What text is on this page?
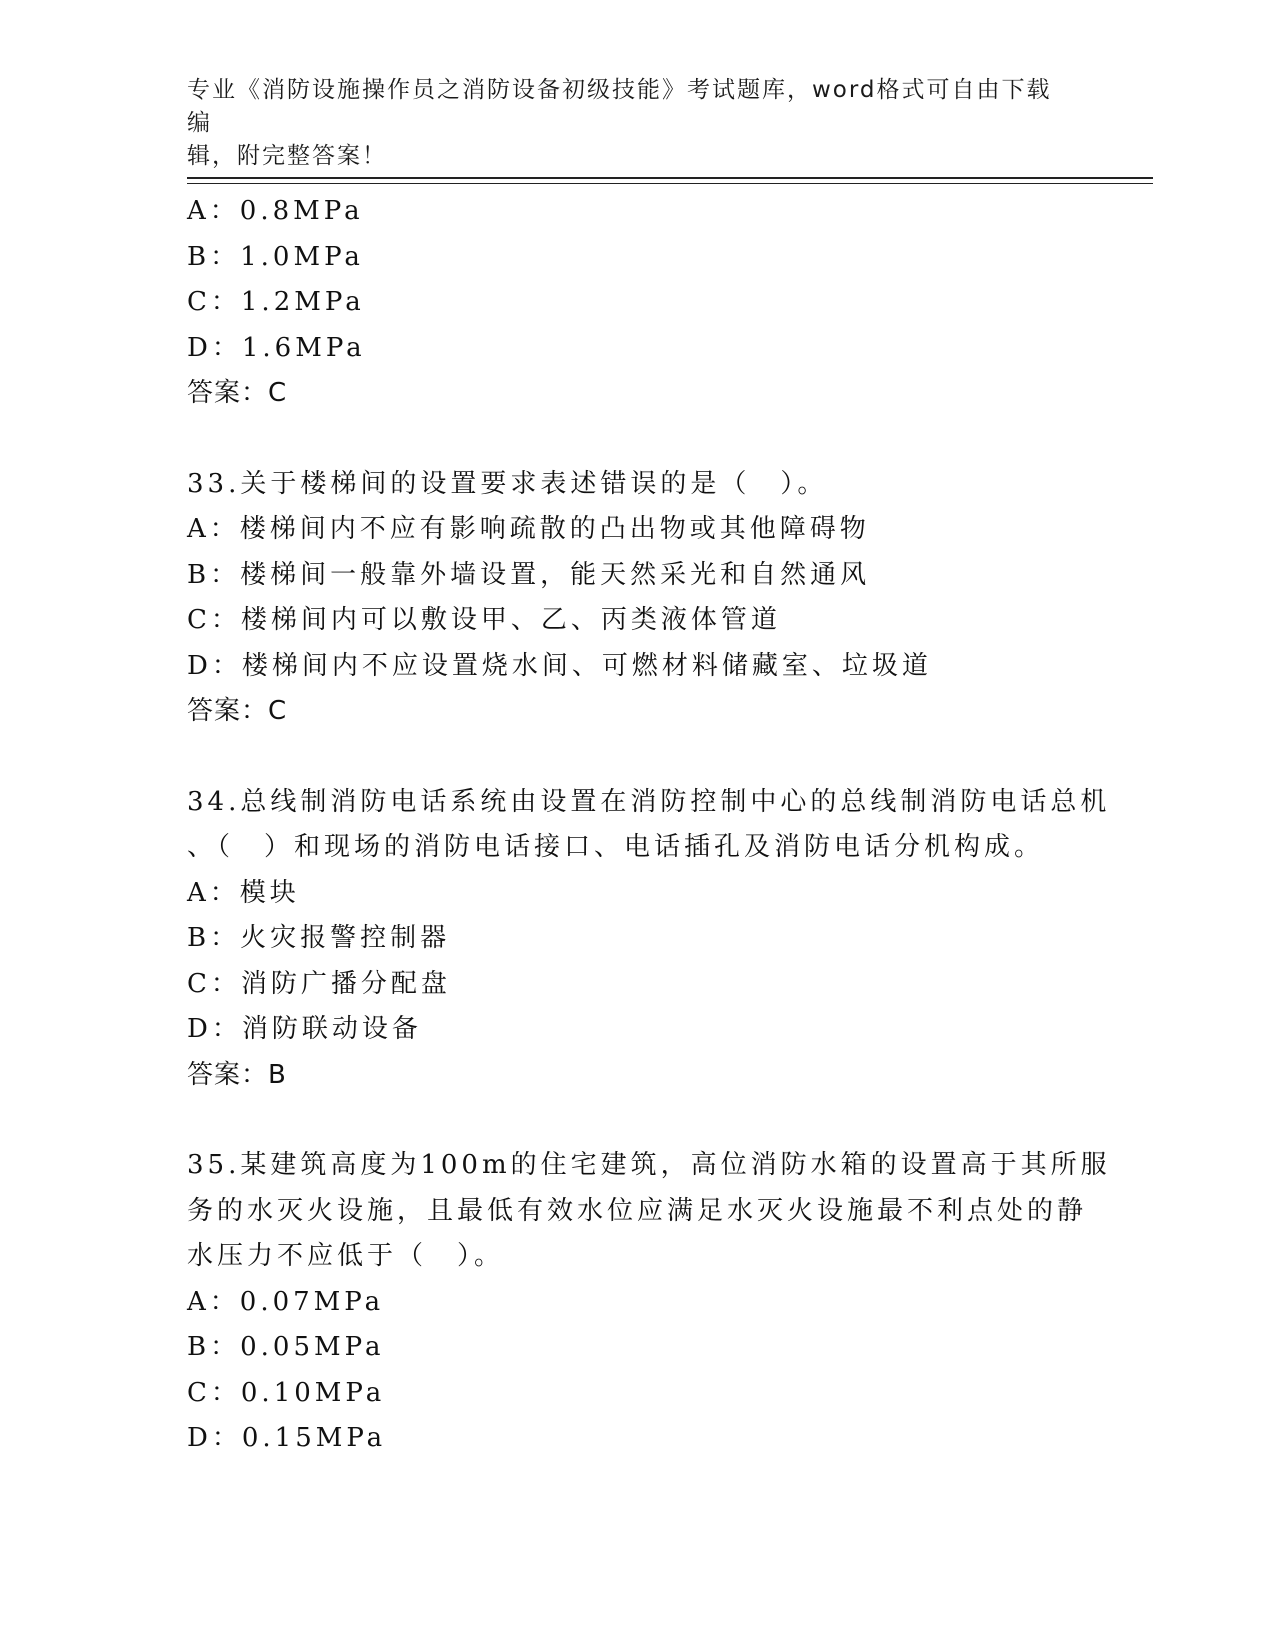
专业《消防设施操作员之消防设备初级技能》考试题库，word格式可自由下载编
辑，附完整答案！
A：0.8MPa
B：1.0MPa
C：1.2MPa
D：1.6MPa
答案：C
33.关于楼梯间的设置要求表述错误的是（　）。
A：楼梯间内不应有影响疏散的凸出物或其他障碍物
B：楼梯间一般靠外墙设置，能天然采光和自然通风
C：楼梯间内可以敷设甲、乙、丙类液体管道
D：楼梯间内不应设置烧水间、可燃材料储藏室、垃圾道
答案：C
34.总线制消防电话系统由设置在消防控制中心的总线制消防电话总机
、（　）和现场的消防电话接口、电话插孔及消防电话分机构成。
A：模块
B：火灾报警控制器
C：消防广播分配盘
D：消防联动设备
答案：B
35.某建筑高度为100m的住宅建筑，高位消防水箱的设置高于其所服
务的水灭火设施，且最低有效水位应满足水灭火设施最不利点处的静
水压力不应低于（　）。
A：0.07MPa
B：0.05MPa
C：0.10MPa
D：0.15MPa
